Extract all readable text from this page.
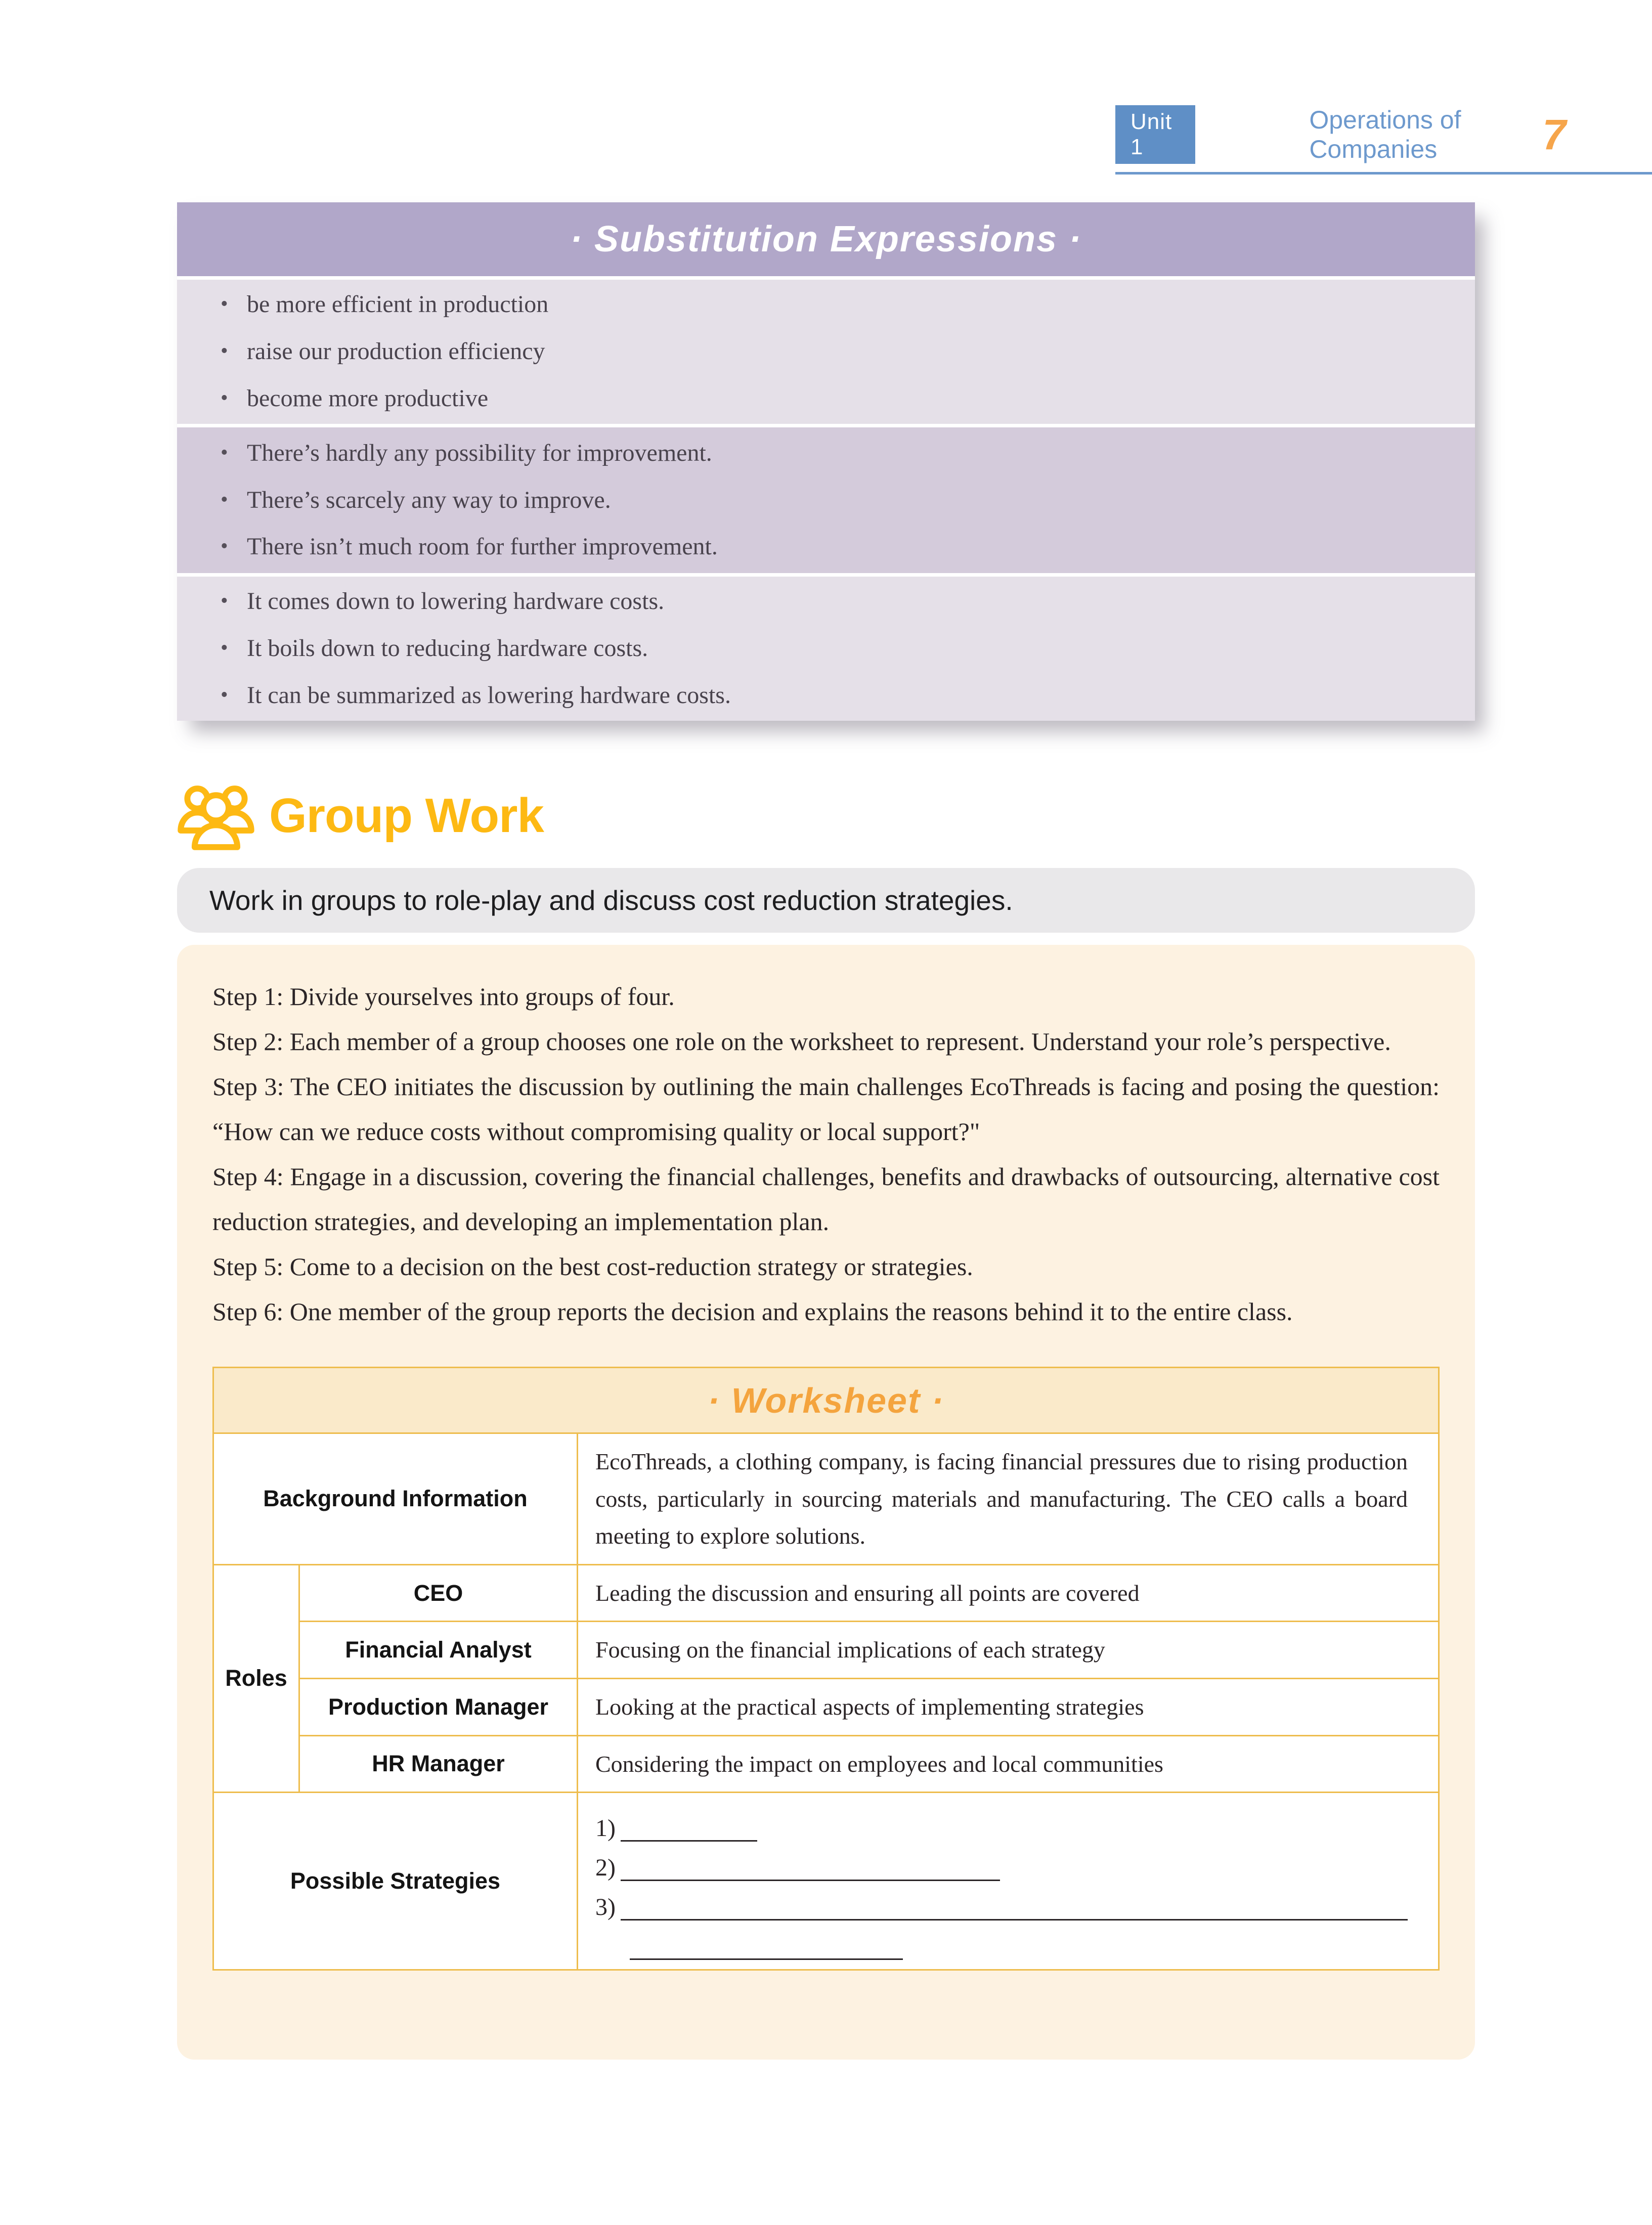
Unit 1
Operations of Companies	7
· Substitution Expressions ·
• be more efficient in production
• raise our production efficiency
• become more productive
• There’s hardly any possibility for improvement.
• There’s scarcely any way to improve.
• There isn’t much room for further improvement.
• It comes down to lowering hardware costs.
• It boils down to reducing hardware costs.
• It can be summarized as lowering hardware costs.
Group Work
Work in groups to role-play and discuss cost reduction strategies.

Step 1: Divide yourselves into groups of four.

Step 2: Each member of a group chooses one role on the worksheet to represent. Understand your role’s perspective.

Step 3: The CEO initiates the discussion by outlining the main challenges EcoThreads is facing and posing the question: “How can we reduce costs without compromising quality or local support?"

Step 4: Engage in a discussion, covering the financial challenges, benefits and drawbacks of outsourcing, alternative cost reduction strategies, and developing an implementation plan.

Step 5: Come to a decision on the best cost-reduction strategy or strategies.

Step 6: One member of the group reports the decision and explains the reasons behind it to the entire class.

· Worksheet ·		
Background Information		EcoThreads, a clothing company, is facing financial pressures due to rising production costs, particularly in sourcing materials and manufacturing. The CEO calls a board meeting to explore solutions.
Roles	CEO	Leading the discussion and ensuring all points are covered
	Financial Analyst	Focusing on the financial implications of each strategy
	Production Manager	Looking at the practical aspects of implementing strategies
	HR Manager	Considering the impact on employees and local communities
Possible Strategies		1)
2)
3)
